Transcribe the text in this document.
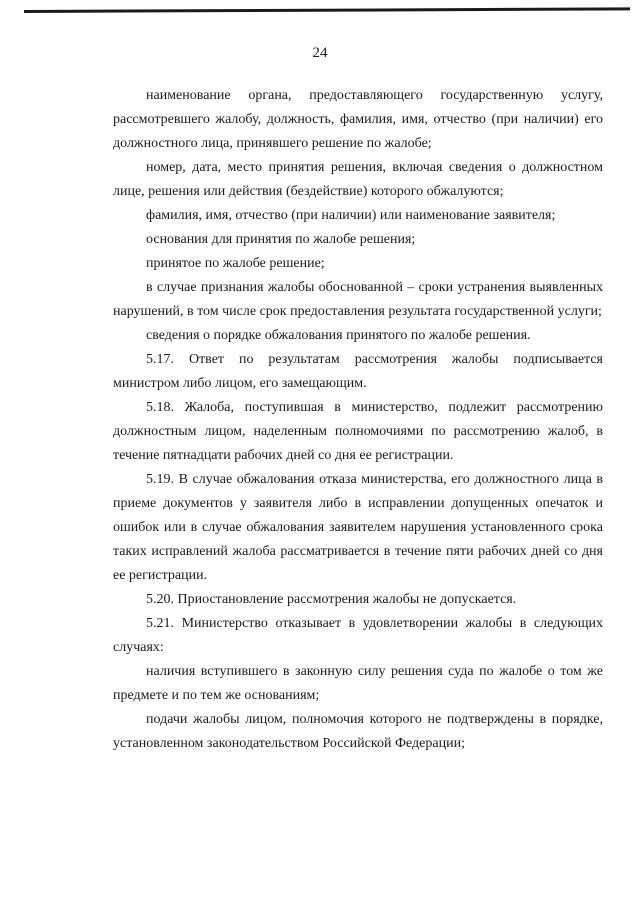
24

наименование органа, предоставляющего государственную услугу, рассмотревшего жалобу, должность, фамилия, имя, отчество (при наличии) его должностного лица, принявшего решение по жалобе;

номер, дата, место принятия решения, включая сведения о должностном лице, решения или действия (бездействие) которого обжалуются;

фамилия, имя, отчество (при наличии) или наименование заявителя;

основания для принятия по жалобе решения;

принятое по жалобе решение;

в случае признания жалобы обоснованной – сроки устранения выявленных нарушений, в том числе срок предоставления результата государственной услуги;

сведения о порядке обжалования принятого по жалобе решения.

5.17. Ответ по результатам рассмотрения жалобы подписывается министром либо лицом, его замещающим.

5.18. Жалоба, поступившая в министерство, подлежит рассмотрению должностным лицом, наделенным полномочиями по рассмотрению жалоб, в течение пятнадцати рабочих дней со дня ее регистрации.

5.19. В случае обжалования отказа министерства, его должностного лица в приеме документов у заявителя либо в исправлении допущенных опечаток и ошибок или в случае обжалования заявителем нарушения установленного срока таких исправлений жалоба рассматривается в течение пяти рабочих дней со дня ее регистрации.

5.20. Приостановление рассмотрения жалобы не допускается.

5.21. Министерство отказывает в удовлетворении жалобы в следующих случаях:

наличия вступившего в законную силу решения суда по жалобе о том же предмете и по тем же основаниям;

подачи жалобы лицом, полномочия которого не подтверждены в порядке, установленном законодательством Российской Федерации;
